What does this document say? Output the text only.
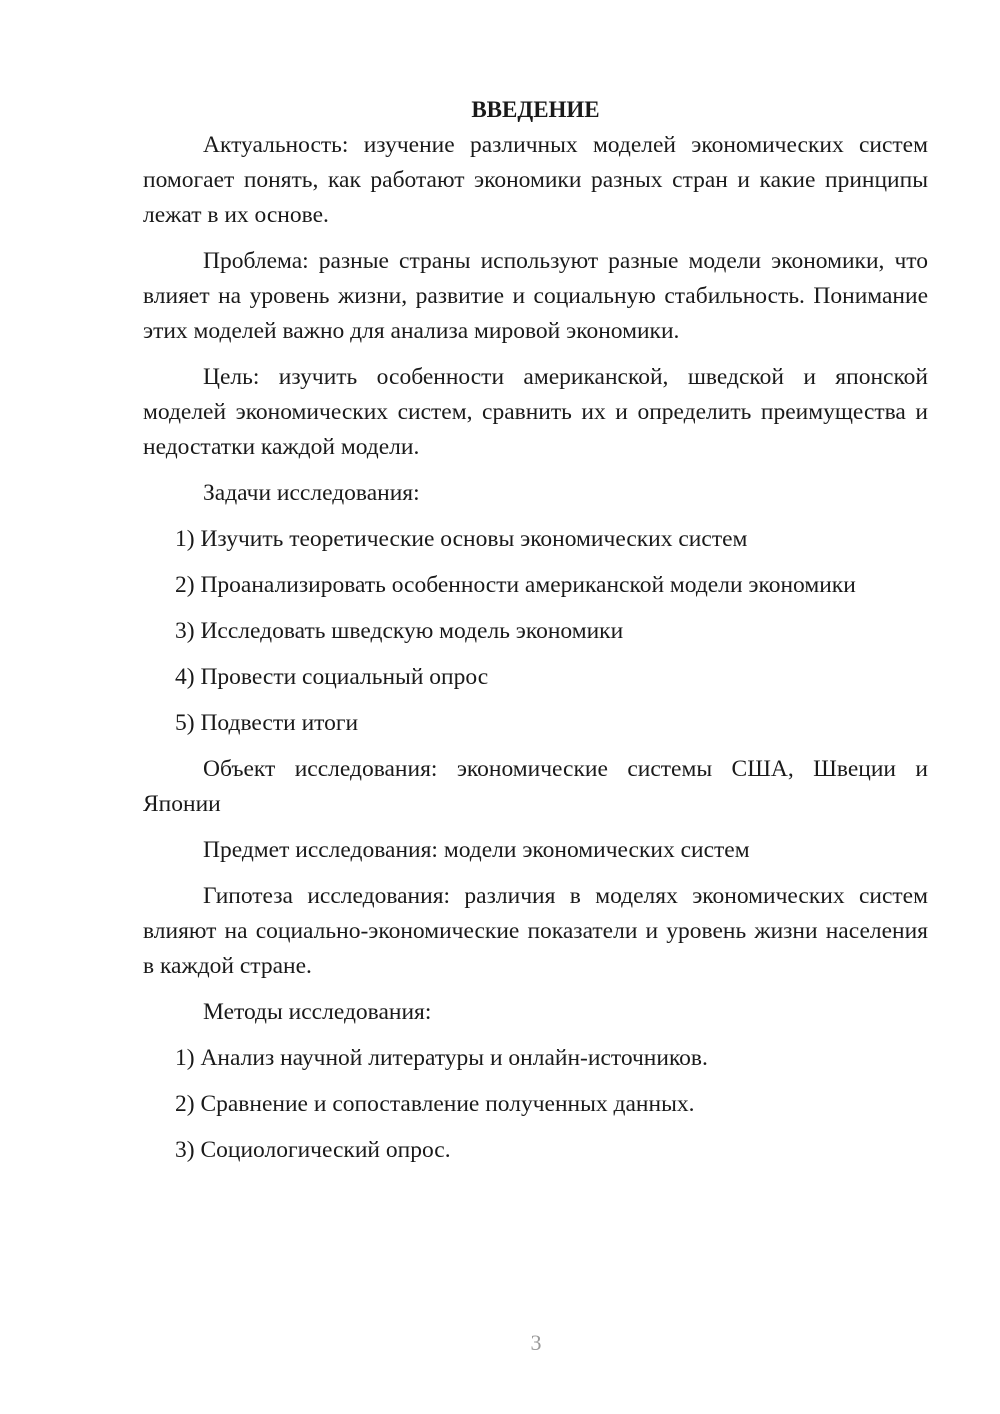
ВВЕДЕНИЕ

Актуальность: изучение различных моделей экономических систем помогает понять, как работают экономики разных стран и какие принципы лежат в их основе.

Проблема: разные страны используют разные модели экономики, что влияет на уровень жизни, развитие и социальную стабильность. Понимание этих моделей важно для анализа мировой экономики.

Цель: изучить особенности американской, шведской и японской моделей экономических систем, сравнить их и определить преимущества и недостатки каждой модели.

Задачи исследования:

1) Изучить теоретические основы экономических систем
2) Проанализировать особенности американской модели экономики
3) Исследовать шведскую модель экономики
4) Провести социальный опрос
5) Подвести итоги

Объект исследования: экономические системы США, Швеции и Японии

Предмет исследования: модели экономических систем

Гипотеза исследования: различия в моделях экономических систем влияют на социально-экономические показатели и уровень жизни населения в каждой стране.

Методы исследования:

1) Анализ научной литературы и онлайн-источников.
2) Сравнение и сопоставление полученных данных.
3) Социологический опрос.
3
